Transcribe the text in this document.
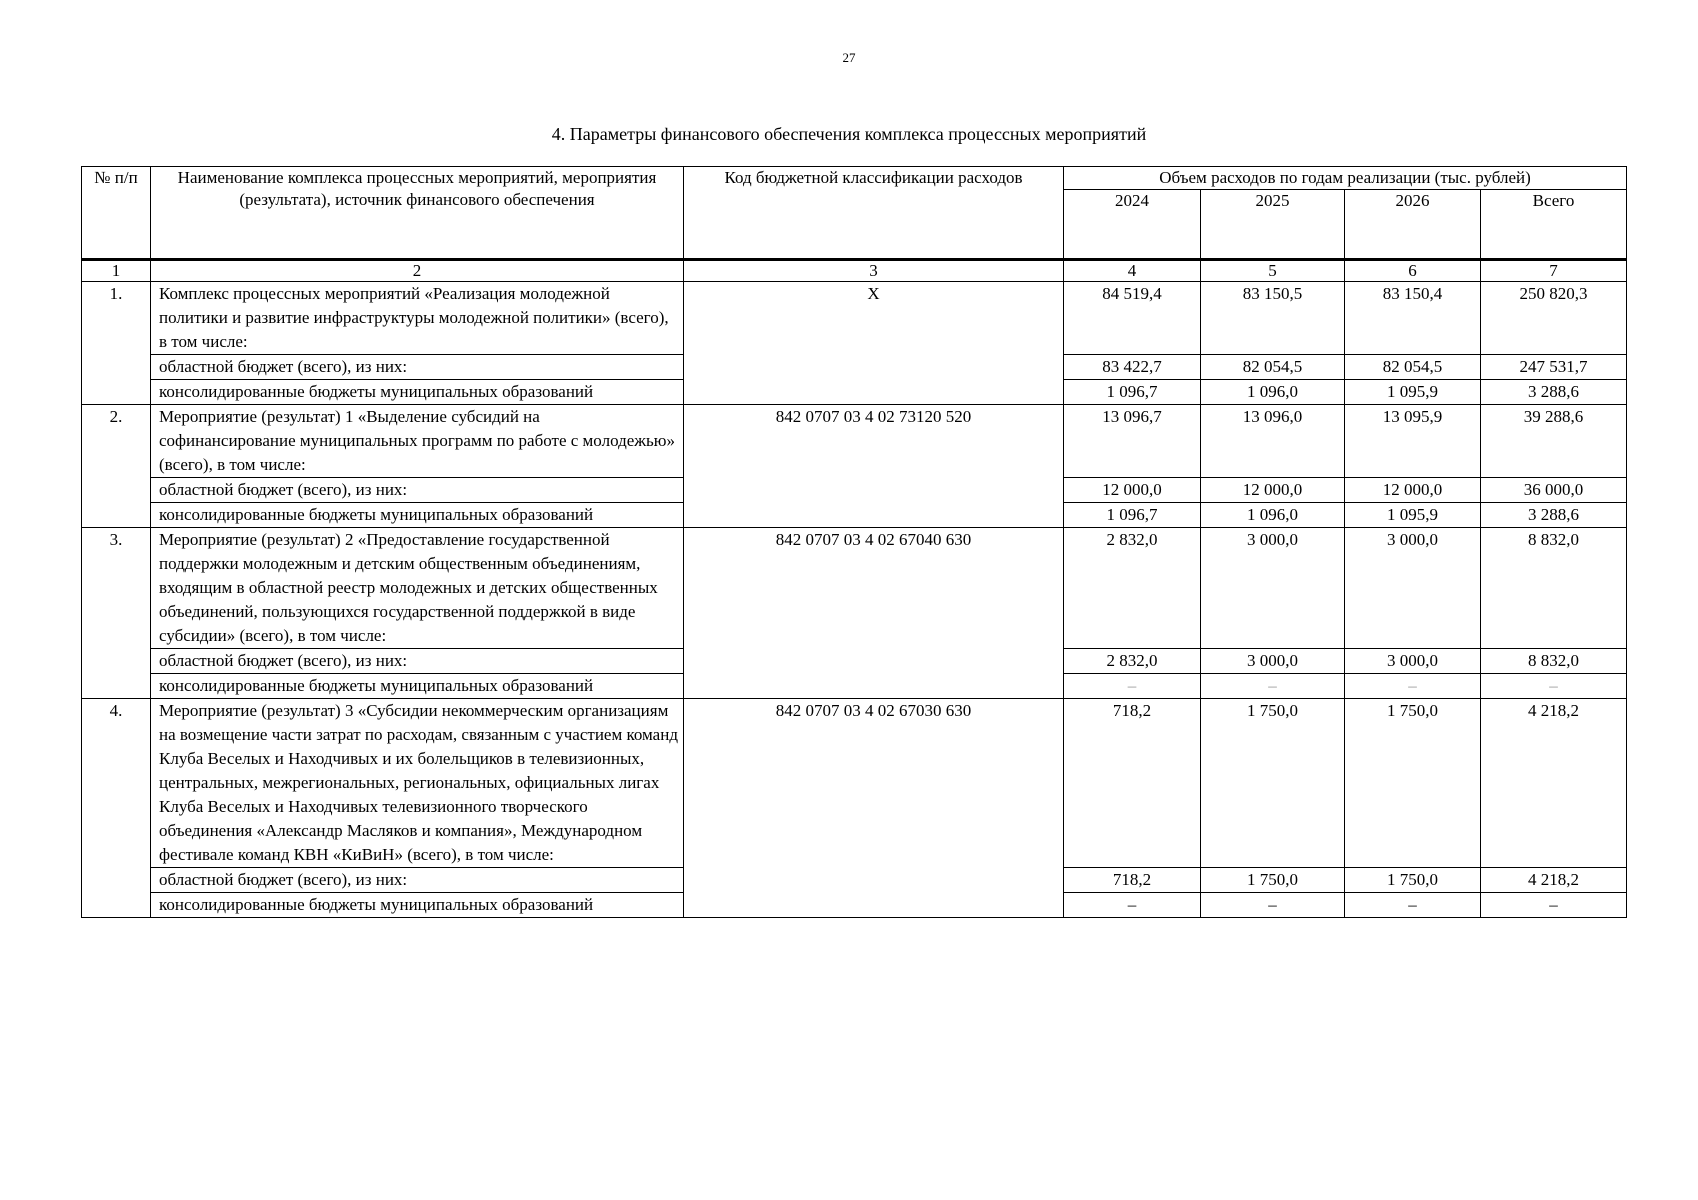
27
4. Параметры финансового обеспечения комплекса процессных мероприятий
№ п/п	Наименование комплекса процессных мероприятий, мероприятия (результата), источник финансового обеспечения	Код бюджетной классификации расходов	Объем расходов по годам реализации (тыс. рублей)			
			2024	2025	2026	Всего
1	2	3	4	5	6	7
1.	Комплекс процессных мероприятий «Реализация молодежной политики и развитие инфраструктуры молодежной политики» (всего), в том числе:	Х	84 519,4	83 150,5	83 150,4	250 820,3
	областной бюджет (всего), из них:		83 422,7	82 054,5	82 054,5	247 531,7
	консолидированные бюджеты муниципальных образований		1 096,7	1 096,0	1 095,9	3 288,6
2.	Мероприятие (результат) 1 «Выделение субсидий на софинансирование муниципальных программ по работе с молодежью» (всего), в том числе:	842 0707 03 4 02 73120 520	13 096,7	13 096,0	13 095,9	39 288,6
	областной бюджет (всего), из них:		12 000,0	12 000,0	12 000,0	36 000,0
	консолидированные бюджеты муниципальных образований		1 096,7	1 096,0	1 095,9	3 288,6
3.	Мероприятие (результат) 2 «Предоставление государственной поддержки молодежным и детским общественным объединениям, входящим в областной реестр молодежных и детских общественных объединений, пользующихся государственной поддержкой в виде субсидии» (всего), в том числе:	842 0707 03 4 02 67040 630	2 832,0	3 000,0	3 000,0	8 832,0
	областной бюджет (всего), из них:		2 832,0	3 000,0	3 000,0	8 832,0
	консолидированные бюджеты муниципальных образований		–	–	–	–
4.	Мероприятие (результат) 3 «Субсидии некоммерческим организациям на возмещение части затрат по расходам, связанным с участием команд Клуба Веселых и Находчивых и их болельщиков в телевизионных, центральных, межрегиональных, региональных, официальных лигах Клуба Веселых и Находчивых телевизионного творческого объединения «Александр Масляков и компания», Международном фестивале команд КВН «КиВиН» (всего), в том числе:	842 0707 03 4 02 67030 630	718,2	1 750,0	1 750,0	4 218,2
	областной бюджет (всего), из них:		718,2	1 750,0	1 750,0	4 218,2
	консолидированные бюджеты муниципальных образований		–	–	–	–
